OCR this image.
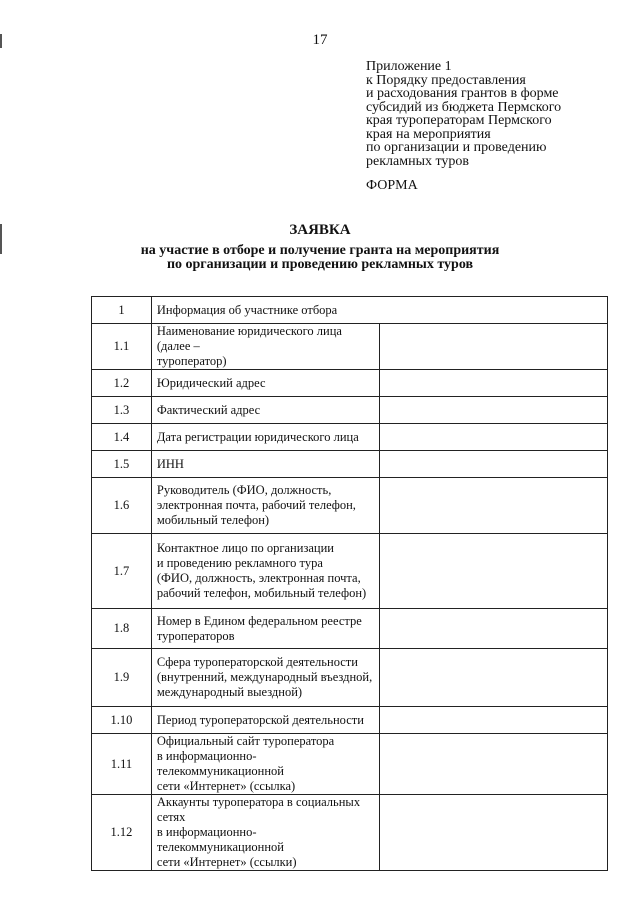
17
Приложение 1
к Порядку предоставления
и расходования грантов в форме
субсидий из бюджета Пермского
края туроператорам Пермского
края на мероприятия
по организации и проведению
рекламных туров
ФОРМА
ЗАЯВКА
на участие в отборе и получение гранта на мероприятия
по организации и проведению рекламных туров
1	Информация об участнике отбора	
1.1	Наименование юридического лица (далее –
туроператор)	

1.2	Юридический адрес	

1.3	Фактический адрес	

1.4	Дата регистрации юридического лица	

1.5	ИНН	

1.6	Руководитель (ФИО, должность,
электронная почта, рабочий телефон,
мобильный телефон)	

1.7	Контактное лицо по организации
и проведению рекламного тура
(ФИО, должность, электронная почта,
рабочий телефон, мобильный телефон)	

1.8	Номер в Едином федеральном реестре
туроператоров	

1.9	Сфера туроператорской деятельности
(внутренний, международный въездной,
международный выездной)	

1.10	Период туроператорской деятельности	

1.11	Официальный сайт туроператора
в информационно-телекоммуникационной
сети «Интернет» (ссылка)	

1.12	Аккаунты туроператора в социальных сетях
в информационно-телекоммуникационной
сети «Интернет» (ссылки)	
